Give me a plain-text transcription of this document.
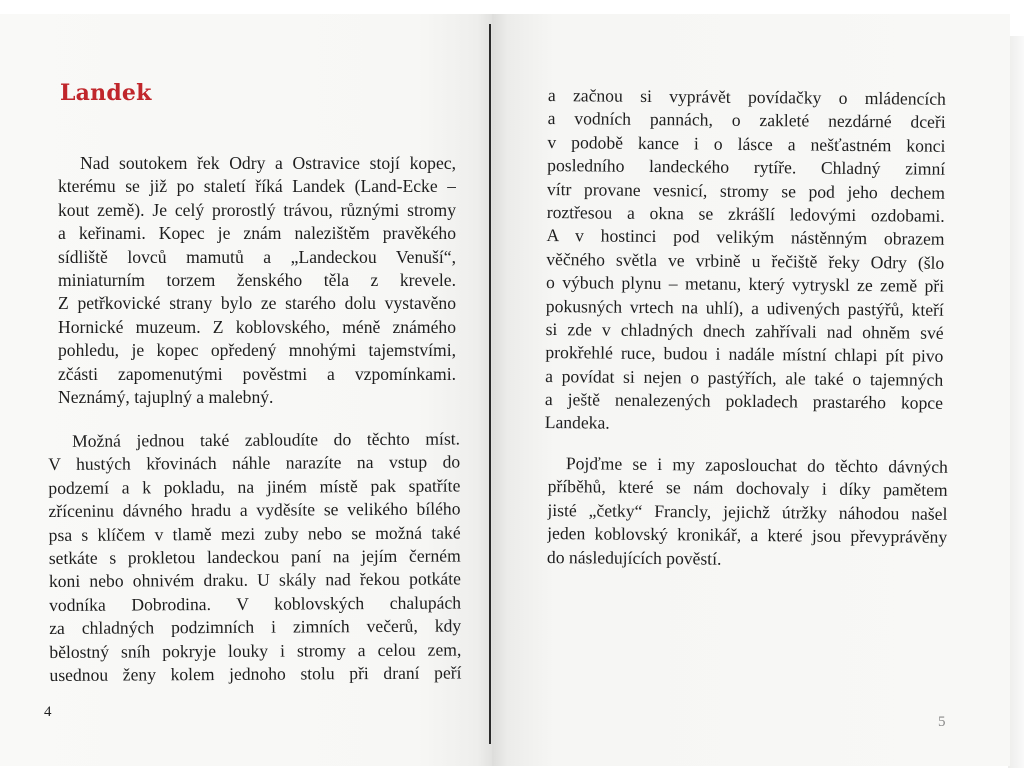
Landek
Nad soutokem řek Odry a Ostravice stojí kopec,
kterému se již po staletí říká Landek (Land-Ecke –
kout země). Je celý prorostlý trávou, různými stromy
a keřinami. Kopec je znám nalezištěm pravěkého
sídliště lovců mamutů a „Landeckou Venuší“,
miniaturním torzem ženského těla z krevele.
Z petřkovické strany bylo ze starého dolu vystavěno
Hornické muzeum. Z koblovského, méně známého
pohledu, je kopec opředený mnohými tajemstvími,
zčásti zapomenutými pověstmi a vzpomínkami.
Neznámý, tajuplný a malebný.
Možná jednou také zabloudíte do těchto míst.
V hustých křovinách náhle narazíte na vstup do
podzemí a k pokladu, na jiném místě pak spatříte
zříceninu dávného hradu a vyděsíte se velikého bílého
psa s klíčem v tlamě mezi zuby nebo se možná také
setkáte s prokletou landeckou paní na jejím černém
koni nebo ohnivém draku. U skály nad řekou potkáte
vodníka Dobrodina. V koblovských chalupách
za chladných podzimních i zimních večerů, kdy
bělostný sníh pokryje louky i stromy a celou zem,
usednou ženy kolem jednoho stolu při draní peří

4

a začnou si vyprávět povídačky o mládencích
a vodních pannách, o zakleté nezdárné dceři
v podobě kance i o lásce a nešťastném konci
posledního landeckého rytíře. Chladný zimní
vítr provane vesnicí, stromy se pod jeho dechem
roztřesou a okna se zkrášlí ledovými ozdobami.
A v hostinci pod velikým nástěnným obrazem
věčného světla ve vrbině u řečiště řeky Odry (šlo
o výbuch plynu – metanu, který vytryskl ze země při
pokusných vrtech na uhlí), a udivených pastýřů, kteří
si zde v chladných dnech zahřívali nad ohněm své
prokřehlé ruce, budou i nadále místní chlapi pít pivo
a povídat si nejen o pastýřích, ale také o tajemných
a ještě nenalezených pokladech prastarého kopce
Landeka.
Pojďme se i my zaposlouchat do těchto dávných
příběhů, které se nám dochovaly i díky pamětem
jisté „četky“ Francly, jejichž útržky náhodou našel
jeden koblovský kronikář, a které jsou převyprávěny
do následujících pověstí.

5
